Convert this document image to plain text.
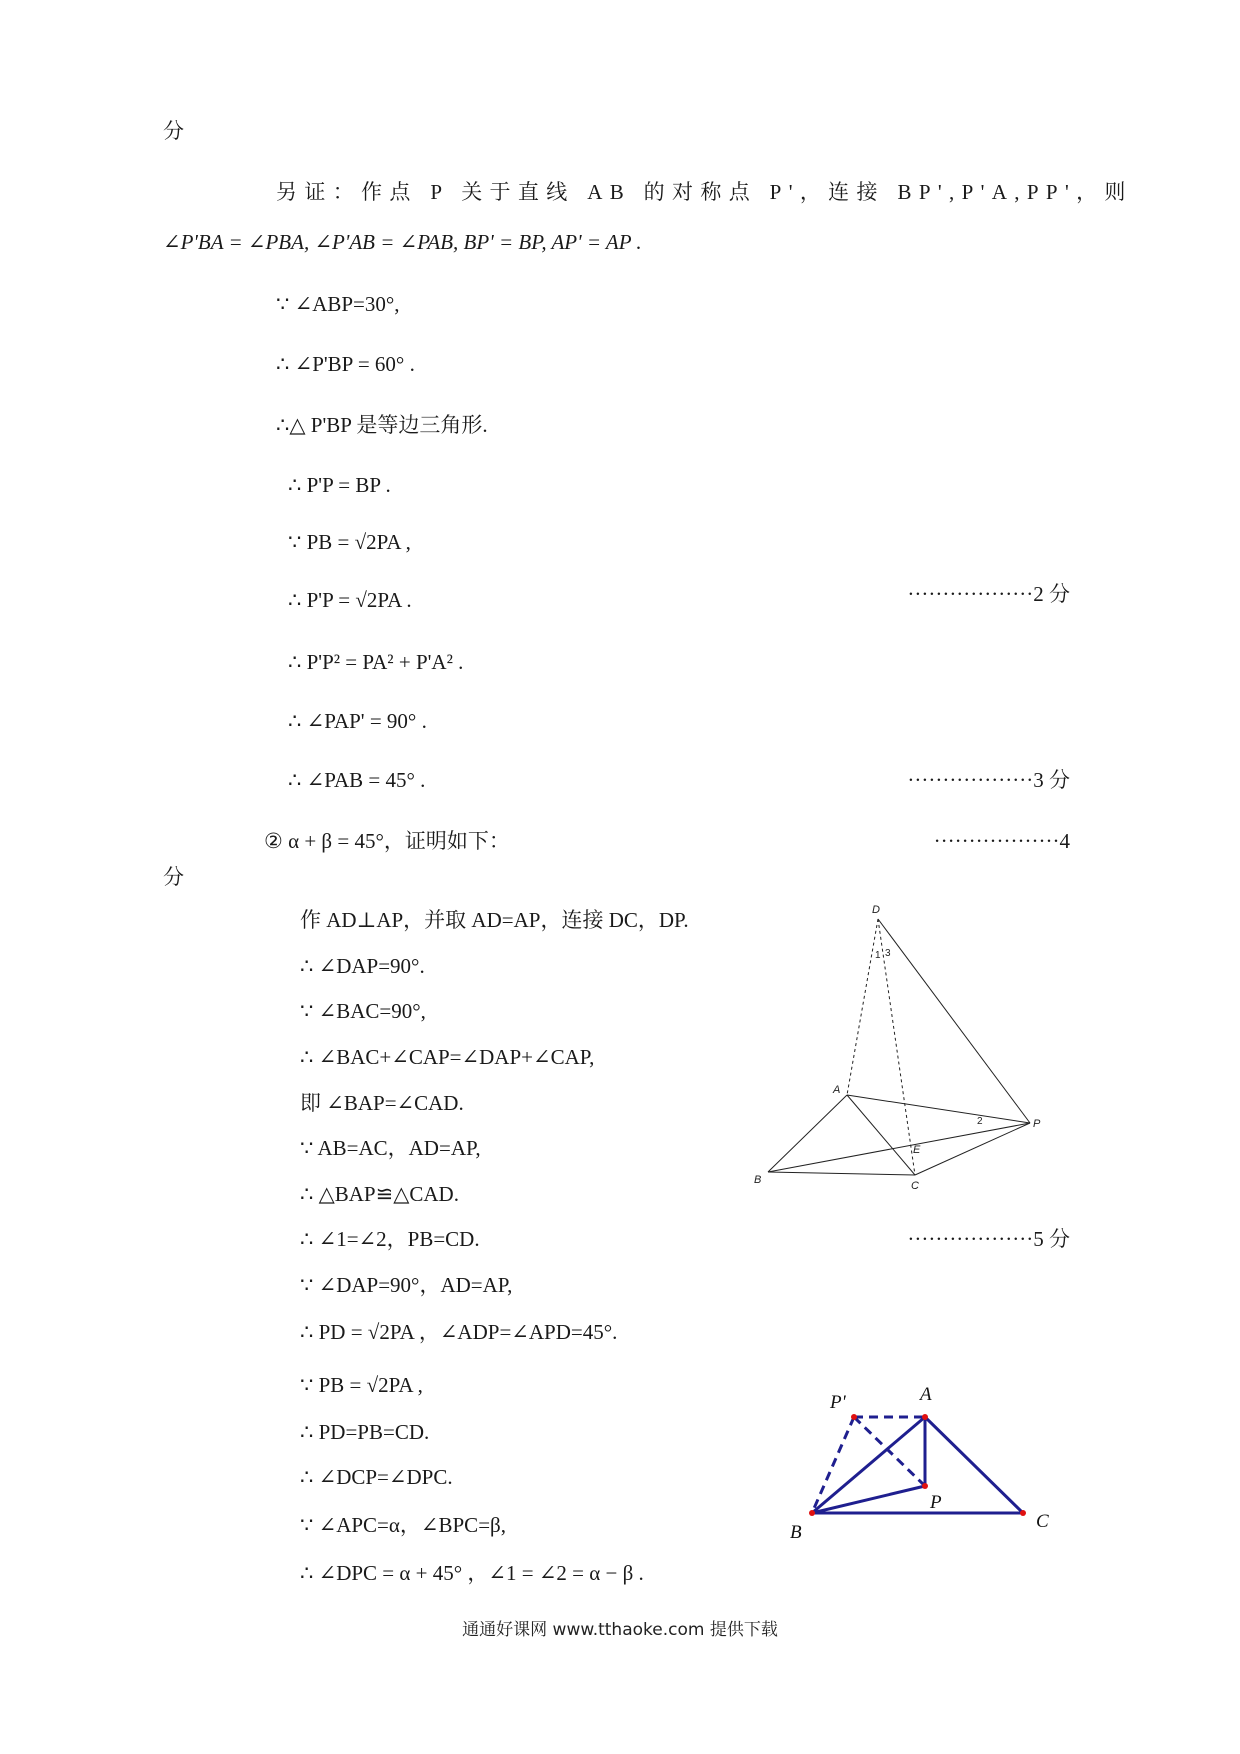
分
另证：作点 P 关于直线 AB 的对称点 P'，连接 BP',P'A,PP'，则
∠P'BA = ∠PBA, ∠P'AB = ∠PAB, BP' = BP, AP' = AP .
∵ ∠ABP=30°,
∴ ∠P'BP = 60° .
∴△ P'BP 是等边三角形.
∴ P'P = BP .
∵ PB = √2PA ,
∴ P'P = √2PA .
∴ P'P² = PA² + P'A² .
∴ ∠PAP' = 90° .
∴ ∠PAB = 45° .
② α + β = 45°，证明如下：
分
作 AD⊥AP，并取 AD=AP，连接 DC，DP.
∴ ∠DAP=90°.
∵ ∠BAC=90°,
∴ ∠BAC+∠CAP=∠DAP+∠CAP,
即 ∠BAP=∠CAD.
∵ AB=AC，AD=AP,
∴ △BAP≌△CAD.
∴ ∠1=∠2，PB=CD.
∵ ∠DAP=90°，AD=AP,
∴ PD = √2PA ，∠ADP=∠APD=45°.
∵ PB = √2PA ,
∴ PD=PB=CD.
∴ ∠DCP=∠DPC.
∵ ∠APC=α，∠BPC=β,
∴ ∠DPC = α + 45° ，∠1 = ∠2 = α − β .
··················2 分
··················3 分
··················4
··················5 分
D
A
B	C
P
E
1 3
2
P'	A
P
B
C
通通好课网 www.tthaoke.com 提供下载
